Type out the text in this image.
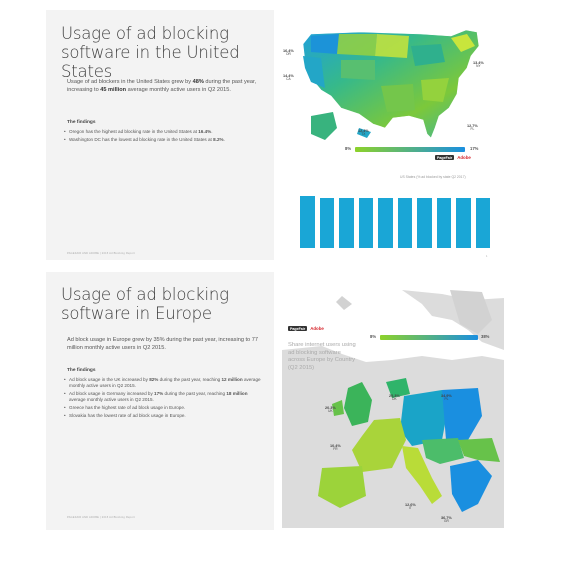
Usage of ad blocking software in the United States
Usage of ad blockers in the United States grew by 48% during the past year, increasing to 45 million average monthly active users in Q2 2015.
The findings
• Oregon has the highest ad blocking rate in the United States at 16.4%.
• Washington DC has the lowest ad blocking rate in the United States at 8.2%.
PAGEFAIR AND ADOBE | 2015 Ad Blocking Report
16.4%
OR
14.4%
CA
13.4%
NY
12.4%
TX
12.7%
FL
8%	17%
PageFair	Adobe
US States (% ad blocked by state Q2 2017)
1
Usage of ad blocking software in Europe
Ad block usage in Europe grew by 35% during the past year, increasing to 77 million monthly active users in Q2 2015.
The findings
• Ad block usage in the UK increased by 82% during the past year, reaching 12 million average monthly active users in Q2 2015.
• Ad block usage in Germany increased by 17% during the past year, reaching 18 million average monthly active users in Q2 2015.
• Greece has the highest rate of ad block usage in Europe.
• Slovakia has the lowest rate of ad block usage in Europe.
PAGEFAIR AND ADOBE | 2015 Ad Blocking Report
PageFair	Adobe
8%	38%
Share internet users using ad blocking software across Europe by Country (Q2 2015)
25.3%
DK
34.9%
PL
20.3%
UK
10.4%
FR
12.6%
IT
36.7%
GR
